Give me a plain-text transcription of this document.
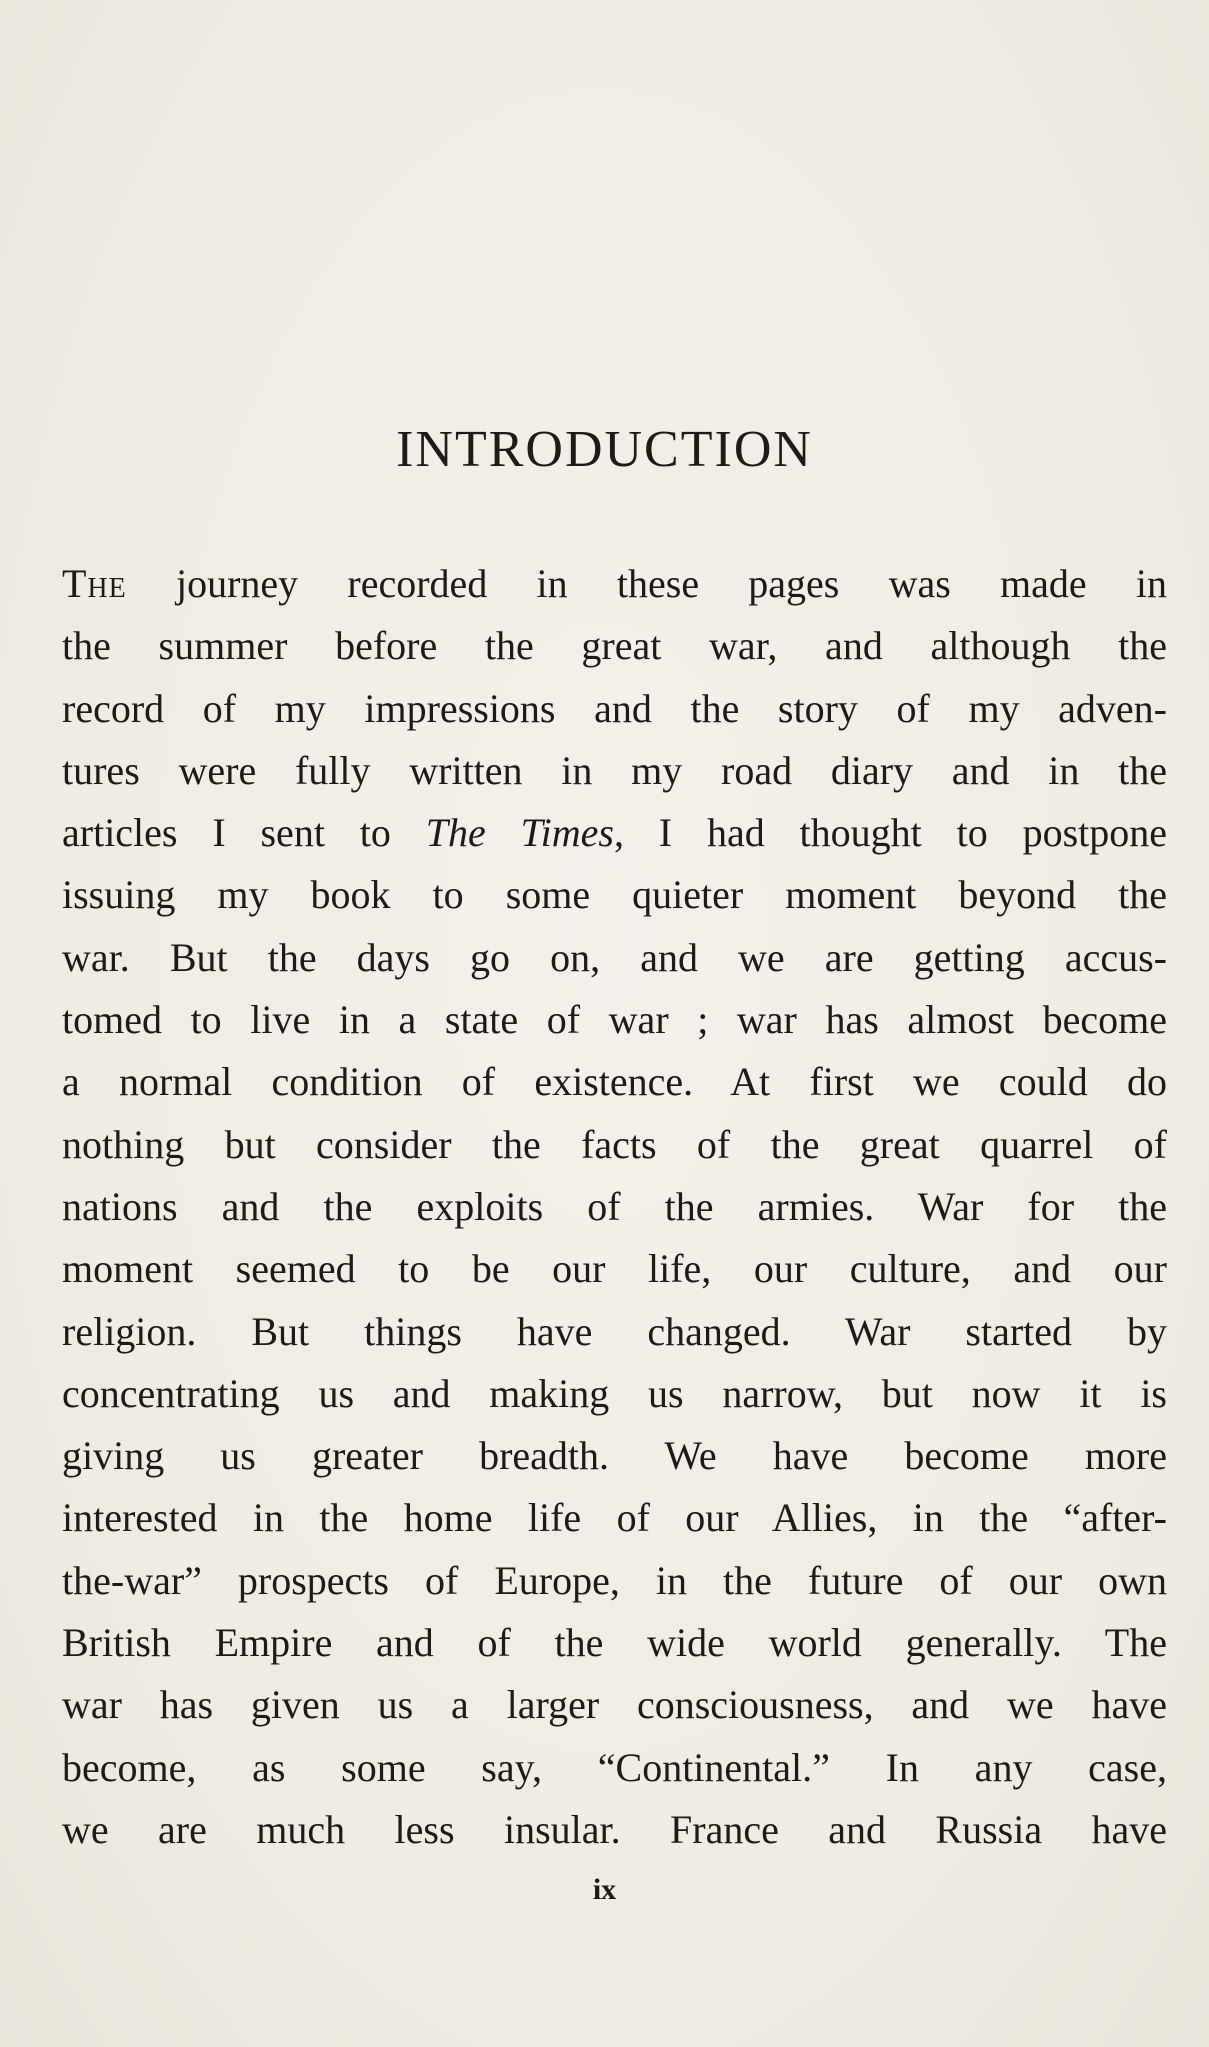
INTRODUCTION
The journey recorded in these pages was made in
the summer before the great war, and although the
record of my impressions and the story of my adven-
tures were fully written in my road diary and in the
articles I sent to The Times, I had thought to postpone
issuing my book to some quieter moment beyond the
war. But the days go on, and we are getting accus-
tomed to live in a state of war ; war has almost become
a normal condition of existence. At first we could do
nothing but consider the facts of the great quarrel of
nations and the exploits of the armies. War for the
moment seemed to be our life, our culture, and our
religion. But things have changed. War started by
concentrating us and making us narrow, but now it is
giving us greater breadth. We have become more
interested in the home life of our Allies, in the “after-
the-war” prospects of Europe, in the future of our own
British Empire and of the wide world generally. The
war has given us a larger consciousness, and we have
become, as some say, “Continental.” In any case,
we are much less insular. France and Russia have
ix
